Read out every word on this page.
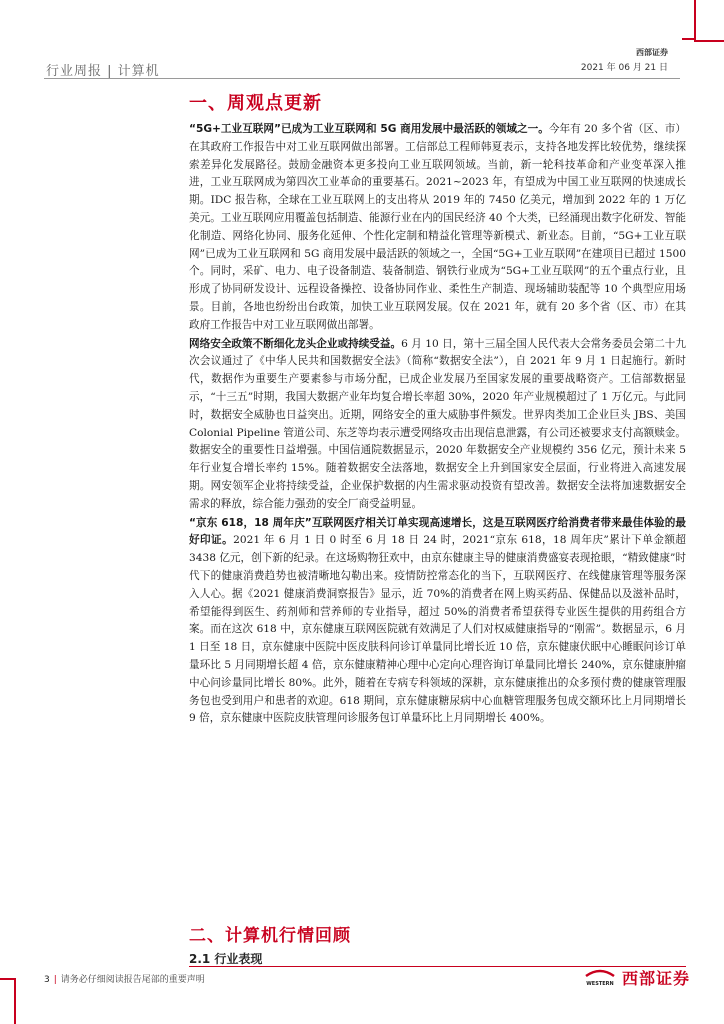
行业周报 | 计算机
西部证券
2021 年 06 月 21 日
一、周观点更新

“5G+工业互联网”已成为工业互联网和 5G 商用发展中最活跃的领域之一。今年有 20 多个省（区、市）在其政府工作报告中对工业互联网做出部署。工信部总工程师韩夏表示，支持各地发挥比较优势，继续探索差异化发展路径。鼓励金融资本更多投向工业互联网领域。当前，新一轮科技革命和产业变革深入推进，工业互联网成为第四次工业革命的重要基石。2021~2023 年，有望成为中国工业互联网的快速成长期。IDC 报告称，全球在工业互联网上的支出将从 2019 年的 7450 亿美元，增加到 2022 年的 1 万亿美元。工业互联网应用覆盖包括制造、能源行业在内的国民经济 40 个大类，已经涌现出数字化研发、智能化制造、网络化协同、服务化延伸、个性化定制和精益化管理等新模式、新业态。目前，“5G+工业互联网”已成为工业互联网和 5G 商用发展中最活跃的领域之一，全国“5G+工业互联网”在建项目已超过 1500 个。同时，采矿、电力、电子设备制造、装备制造、钢铁行业成为“5G+工业互联网”的五个重点行业，且形成了协同研发设计、远程设备操控、设备协同作业、柔性生产制造、现场辅助装配等 10 个典型应用场景。目前，各地也纷纷出台政策，加快工业互联网发展。仅在 2021 年，就有 20 多个省（区、市）在其政府工作报告中对工业互联网做出部署。

网络安全政策不断细化龙头企业或持续受益。6 月 10 日，第十三届全国人民代表大会常务委员会第二十九次会议通过了《中华人民共和国数据安全法》（简称“数据安全法”），自 2021 年 9 月 1 日起施行。新时代，数据作为重要生产要素参与市场分配，已成企业发展乃至国家发展的重要战略资产。工信部数据显示，“十三五”时期，我国大数据产业年均复合增长率超 30%，2020 年产业规模超过了 1 万亿元。与此同时，数据安全威胁也日益突出。近期，网络安全的重大威胁事件频发。世界肉类加工企业巨头 JBS、美国 Colonial Pipeline 管道公司、东芝等均表示遭受网络攻击出现信息泄露，有公司还被要求支付高额赎金。数据安全的重要性日益增强。中国信通院数据显示，2020 年数据安全产业规模约 356 亿元，预计未来 5 年行业复合增长率约 15%。随着数据安全法落地，数据安全上升到国家安全层面，行业将进入高速发展期。网安领军企业将持续受益，企业保护数据的内生需求驱动投资有望改善。数据安全法将加速数据安全需求的释放，综合能力强劲的安全厂商受益明显。

“京东 618，18 周年庆”互联网医疗相关订单实现高速增长，这是互联网医疗给消费者带来最佳体验的最好印证。2021 年 6 月 1 日 0 时至 6 月 18 日 24 时，2021“京东 618，18 周年庆”累计下单金额超 3438 亿元，创下新的纪录。在这场购物狂欢中，由京东健康主导的健康消费盛宴表现抢眼，“精致健康”时代下的健康消费趋势也被清晰地勾勒出来。疫情防控常态化的当下，互联网医疗、在线健康管理等服务深入人心。据《2021 健康消费洞察报告》显示，近 70%的消费者在网上购买药品、保健品以及滋补品时，希望能得到医生、药剂师和营养师的专业指导，超过 50%的消费者希望获得专业医生提供的用药组合方案。而在这次 618 中，京东健康互联网医院就有效满足了人们对权威健康指导的“刚需”。数据显示，6 月 1 日至 18 日，京东健康中医院中医皮肤科问诊订单量同比增长近 10 倍，京东健康伏眠中心睡眠问诊订单量环比 5 月同期增长超 4 倍，京东健康精神心理中心定向心理咨询订单量同比增长 240%，京东健康肿瘤中心问诊量同比增长 80%。此外，随着在专病专科领域的深耕，京东健康推出的众多预付费的健康管理服务包也受到用户和患者的欢迎。618 期间，京东健康糖尿病中心血糖管理服务包成交额环比上月同期增长 9 倍，京东健康中医院皮肤管理问诊服务包订单量环比上月同期增长 400%。

二、计算机行情回顾
2.1 行业表现
3 | 请务必仔细阅读报告尾部的重要声明	WESTERN 西部证券
